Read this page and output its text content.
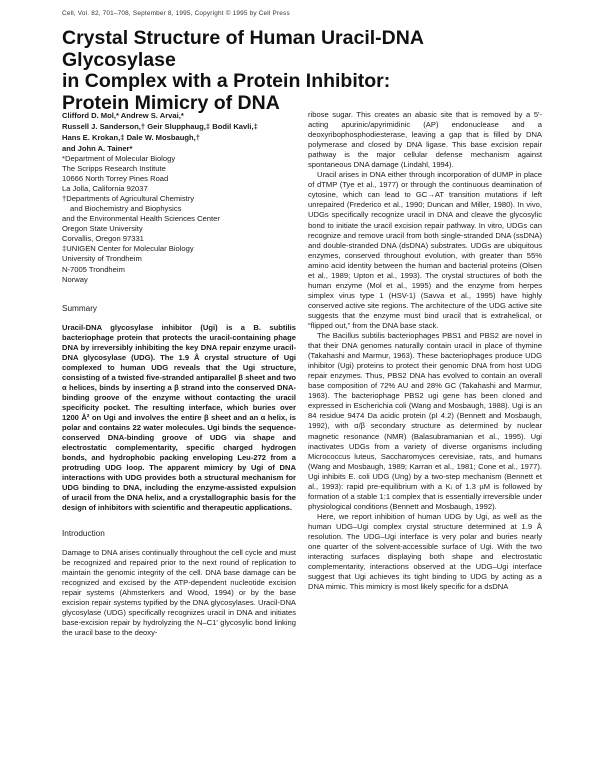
Cell, Vol. 82, 701–708, September 8, 1995, Copyright © 1995 by Cell Press
Crystal Structure of Human Uracil-DNA Glycosylase
in Complex with a Protein Inhibitor:
Protein Mimicry of DNA
Clifford D. Mol,* Andrew S. Arvai,*
Russell J. Sanderson,† Geir Slupphaug,‡ Bodil Kavli,‡
Hans E. Krokan,‡ Dale W. Mosbaugh,†
and John A. Tainer*
*Department of Molecular Biology
The Scripps Research Institute
10666 North Torrey Pines Road
La Jolla, California 92037
†Departments of Agricultural Chemistry
and Biochemistry and Biophysics
and the Environmental Health Sciences Center
Oregon State University
Corvallis, Oregon 97331
‡UNIGEN Center for Molecular Biology
University of Trondheim
N-7005 Trondheim
Norway
Summary

Uracil-DNA glycosylase inhibitor (Ugi) is a B. subtilis bacteriophage protein that protects the uracil-containing phage DNA by irreversibly inhibiting the key DNA repair enzyme uracil-DNA glycosylase (UDG). The 1.9 Å crystal structure of Ugi complexed to human UDG reveals that the Ugi structure, consisting of a twisted five-stranded antiparallel β sheet and two α helices, binds by inserting a β strand into the conserved DNA-binding groove of the enzyme without contacting the uracil specificity pocket. The resulting interface, which buries over 1200 Å² on Ugi and involves the entire β sheet and an α helix, is polar and contains 22 water molecules. Ugi binds the sequence-conserved DNA-binding groove of UDG via shape and electrostatic complementarity, specific charged hydrogen bonds, and hydrophobic packing enveloping Leu-272 from a protruding UDG loop. The apparent mimicry by Ugi of DNA interactions with UDG provides both a structural mechanism for UDG binding to DNA, including the enzyme-assisted expulsion of uracil from the DNA helix, and a crystallographic basis for the design of inhibitors with scientific and therapeutic applications.

Introduction

Damage to DNA arises continually throughout the cell cycle and must be recognized and repaired prior to the next round of replication to maintain the genomic integrity of the cell. DNA base damage can be recognized and excised by the ATP-dependent nucleotide excision repair systems (Ahmsterkers and Wood, 1994) or by the base excision repair systems typified by the DNA glycosylases. Uracil-DNA glycosylase (UDG) specifically recognizes uracil in DNA and initiates base-excision repair by hydrolyzing the N–C1′ glycosylic bond linking the uracil base to the deoxy-

ribose sugar. This creates an abasic site that is removed by a 5′-acting apurinic/apyrimidinic (AP) endonuclease and a deoxyribophosphodiesterase, leaving a gap that is filled by DNA polymerase and closed by DNA ligase. This base excision repair pathway is the major cellular defense mechanism against spontaneous DNA damage (Lindahl, 1994).

Uracil arises in DNA either through incorporation of dUMP in place of dTMP (Tye et al., 1977) or through the continuous deamination of cytosine, which can lead to GC→AT transition mutations if left unrepaired (Frederico et al., 1990; Duncan and Miller, 1980). In vivo, UDGs specifically recognize uracil in DNA and cleave the glycosylic bond to initiate the uracil excision repair pathway. In vitro, UDGs can recognize and remove uracil from both single-stranded DNA (ssDNA) and double-stranded DNA (dsDNA) substrates. UDGs are ubiquitous enzymes, conserved throughout evolution, with greater than 55% amino acid identity between the human and bacterial proteins (Olsen et al., 1989; Upton et al., 1993). The crystal structures of both the human enzyme (Mol et al., 1995) and the enzyme from herpes simplex virus type 1 (HSV-1) (Savva et al., 1995) have highly conserved active site regions. The architecture of the UDG active site suggests that the enzyme must bind uracil that is extrahelical, or “flipped out,” from the DNA base stack.

The Bacillus subtilis bacteriophages PBS1 and PBS2 are novel in that their DNA genomes naturally contain uracil in place of thymine (Takahashi and Marmur, 1963). These bacteriophages produce UDG inhibitor (Ugi) proteins to protect their genomic DNA from host UDG repair enzymes. Thus, PBS2 DNA has evolved to contain an overall base composition of 72% AU and 28% GC (Takahashi and Marmur, 1963). The bacteriophage PBS2 ugi gene has been cloned and expressed in Escherichia coli (Wang and Mosbaugh, 1988). Ugi is an 84 residue 9474 Da acidic protein (pI 4.2) (Bennett and Mosbaugh, 1992), with α/β secondary structure as determined by nuclear magnetic resonance (NMR) (Balasubramanian et al., 1995). Ugi inactivates UDGs from a variety of diverse organisms including Micrococcus luteus, Saccharomyces cerevisiae, rats, and humans (Wang and Mosbaugh, 1989; Karran et al., 1981; Cone et al., 1977). Ugi inhibits E. coli UDG (Ung) by a two-step mechanism (Bennett et al., 1993): rapid pre-equilibrium with a Kᵢ of 1.3 µM is followed by formation of a stable 1:1 complex that is essentially irreversible under physiological conditions (Bennett and Mosbaugh, 1992).

Here, we report inhibition of human UDG by Ugi, as well as the human UDG–Ugi complex crystal structure determined at 1.9 Å resolution. The UDG–Ugi interface is very polar and buries nearly one quarter of the solvent-accessible surface of Ugi. With the two interacting surfaces displaying both shape and electrostatic complementarity, interactions observed at the UDG–Ugi interface suggest that Ugi achieves its tight binding to UDG by acting as a DNA mimic. This mimicry is most likely specific for a dsDNA
